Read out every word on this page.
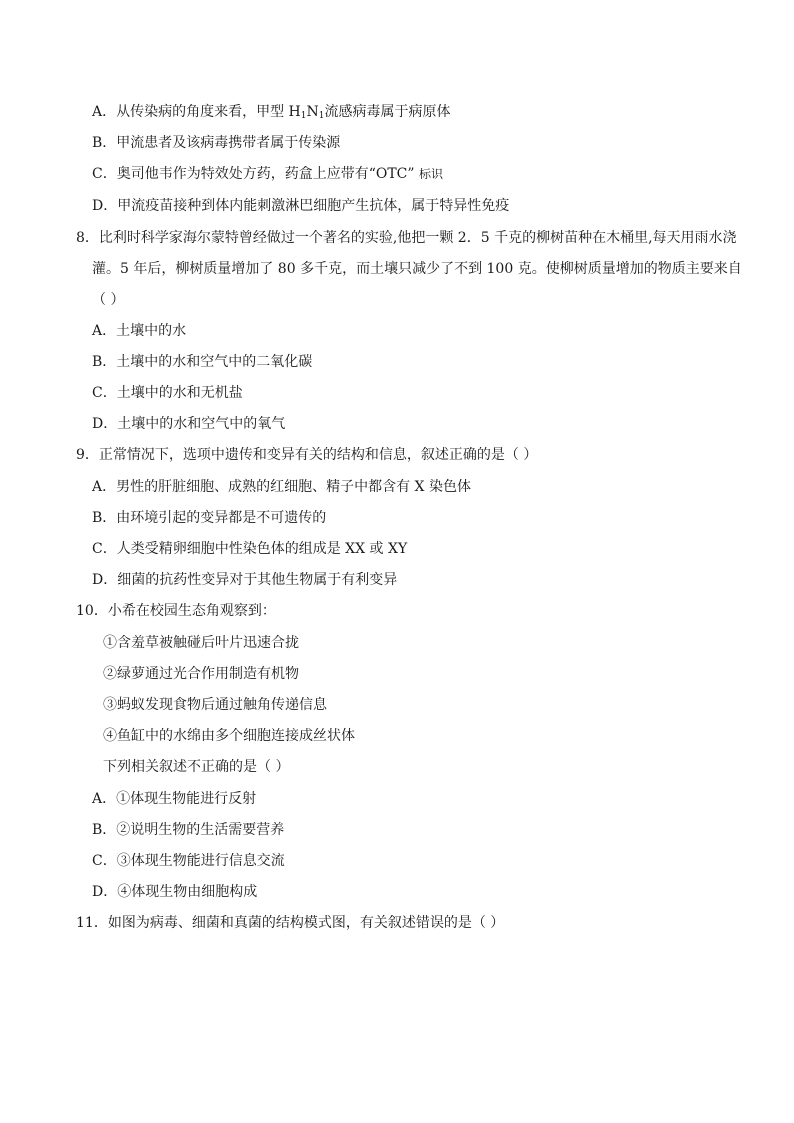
A．从传染病的角度来看，甲型 $H_1N_1$流感病毒属于病原体
B．甲流患者及该病毒携带者属于传染源
C．奥司他韦作为特效处方药，药盒上应带有“OTC” 标识
D．甲流疫苗接种到体内能刺激淋巴细胞产生抗体，属于特异性免疫
8．比利时科学家海尔蒙特曾经做过一个著名的实验,他把一颗 2．5 千克的柳树苗种在木桶里,每天用雨水浇
灌。5 年后，柳树质量增加了 80 多千克，而土壤只减少了不到 100 克。使柳树质量增加的物质主要来自
（ ）
A．土壤中的水
B．土壤中的水和空气中的二氧化碳
C．土壤中的水和无机盐
D．土壤中的水和空气中的氧气
9．正常情况下，选项中遗传和变异有关的结构和信息，叙述正确的是（ ）
A．男性的肝脏细胞、成熟的红细胞、精子中都含有 X 染色体
B．由环境引起的变异都是不可遗传的
C．人类受精卵细胞中性染色体的组成是 XX 或 XY
D．细菌的抗药性变异对于其他生物属于有利变异
10．小希在校园生态角观察到：
①含羞草被触碰后叶片迅速合拢
②绿萝通过光合作用制造有机物
③蚂蚁发现食物后通过触角传递信息
④鱼缸中的水绵由多个细胞连接成丝状体
下列相关叙述不正确的是（ ）
A．①体现生物能进行反射
B．②说明生物的生活需要营养
C．③体现生物能进行信息交流
D．④体现生物由细胞构成
11．如图为病毒、细菌和真菌的结构模式图，有关叙述错误的是（ ）
